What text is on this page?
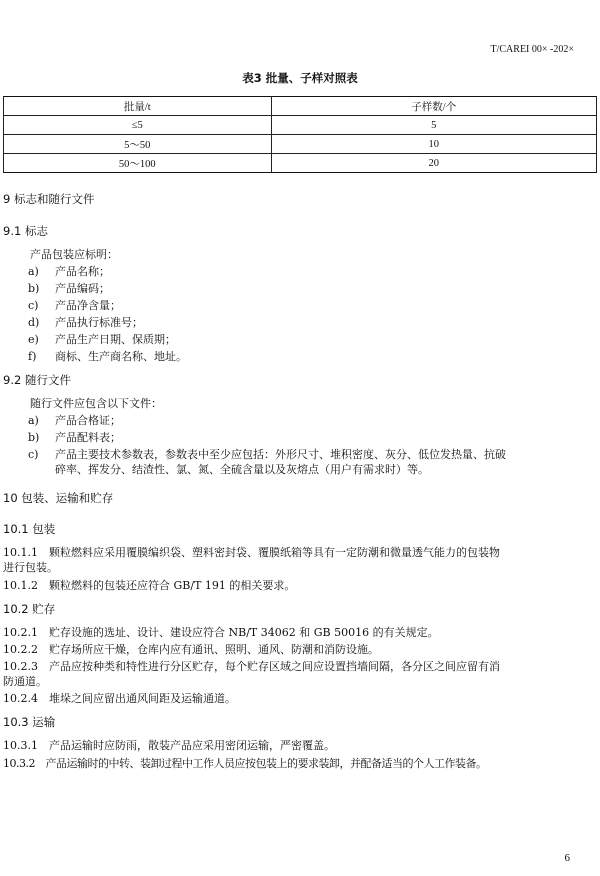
T/CAREI 00× -202×
表3 批量、子样对照表
批量/t	子样数/个
≤5	5
5～50	10
50～100	20
9 标志和随行文件
9.1 标志
产品包装应标明：
a) 产品名称；
b) 产品编码；
c) 产品净含量；
d) 产品执行标准号；
e) 产品生产日期、保质期；
f) 商标、生产商名称、地址。
9.2 随行文件
随行文件应包含以下文件：
a) 产品合格证；
b) 产品配料表；
c) 产品主要技术参数表，参数表中至少应包括：外形尺寸、堆积密度、灰分、低位发热量、抗破
碎率、挥发分、结渣性、氯、氮、全硫含量以及灰熔点（用户有需求时）等。
10 包装、运输和贮存
10.1 包装
10.1.1  颗粒燃料应采用覆膜编织袋、塑料密封袋、覆膜纸箱等具有一定防潮和微量透气能力的包装物
进行包装。
10.1.2  颗粒燃料的包装还应符合 GB/T 191 的相关要求。
10.2 贮存
10.2.1  贮存设施的选址、设计、建设应符合 NB/T 34062 和 GB 50016 的有关规定。
10.2.2  贮存场所应干燥，仓库内应有通讯、照明、通风、防潮和消防设施。
10.2.3  产品应按种类和特性进行分区贮存，每个贮存区域之间应设置挡墙间隔，各分区之间应留有消
防通道。
10.2.4  堆垛之间应留出通风间距及运输通道。
10.3 运输
10.3.1  产品运输时应防雨，散装产品应采用密闭运输，严密覆盖。
10.3.2  产品运输时的中转、装卸过程中工作人员应按包装上的要求装卸，并配备适当的个人工作装备。
6
